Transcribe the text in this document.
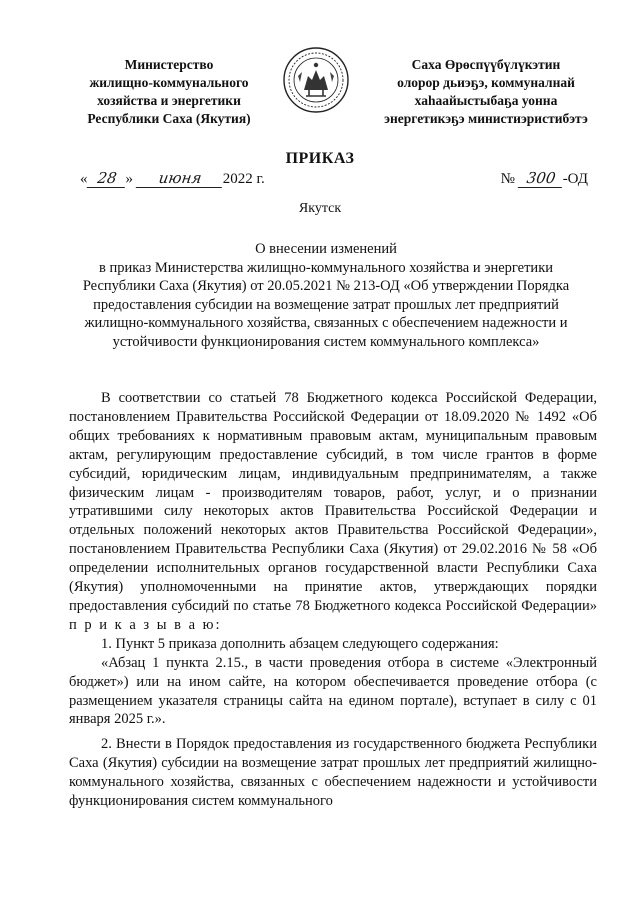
Министерство
жилищно-коммунального
хозяйства и энергетики
Республики Саха (Якутия)
Саха Өрөспүүбүлүкэтин
олорор дьиэҕэ, коммуналнай
хаһаайыстыбаҕа уонна
энергетикэҕэ министиэристибэтэ
ПРИКАЗ
« 28 » июня 2022 г.	№ 300 -ОД
Якутск
О внесении изменений
в приказ Министерства жилищно-коммунального хозяйства и энергетики Республики Саха (Якутия) от 20.05.2021 № 213-ОД «Об утверждении Порядка предоставления субсидии на возмещение затрат прошлых лет предприятий жилищно-коммунального хозяйства, связанных с обеспечением надежности и устойчивости функционирования систем коммунального комплекса»

В соответствии со статьей 78 Бюджетного кодекса Российской Федерации, постановлением Правительства Российской Федерации от 18.09.2020 № 1492 «Об общих требованиях к нормативным правовым актам, муниципальным правовым актам, регулирующим предоставление субсидий, в том числе грантов в форме субсидий, юридическим лицам, индивидуальным предпринимателям, а также физическим лицам - производителям товаров, работ, услуг, и о признании утратившими силу некоторых актов Правительства Российской Федерации и отдельных положений некоторых актов Правительства Российской Федерации», постановлением Правительства Республики Саха (Якутия) от 29.02.2016 № 58 «Об определении исполнительных органов государственной власти Республики Саха (Якутия) уполномоченными на принятие актов, утверждающих порядки предоставления субсидий по статье 78 Бюджетного кодекса Российской Федерации» п р и к а з ы в а ю:

1. Пункт 5 приказа дополнить абзацем следующего содержания:

«Абзац 1 пункта 2.15., в части проведения отбора в системе «Электронный бюджет») или на ином сайте, на котором обеспечивается проведение отбора (с размещением указателя страницы сайта на едином портале), вступает в силу с 01 января 2025 г.».

2. Внести в Порядок предоставления из государственного бюджета Республики Саха (Якутия) субсидии на возмещение затрат прошлых лет предприятий жилищно-коммунального хозяйства, связанных с обеспечением надежности и устойчивости функционирования систем коммунального
